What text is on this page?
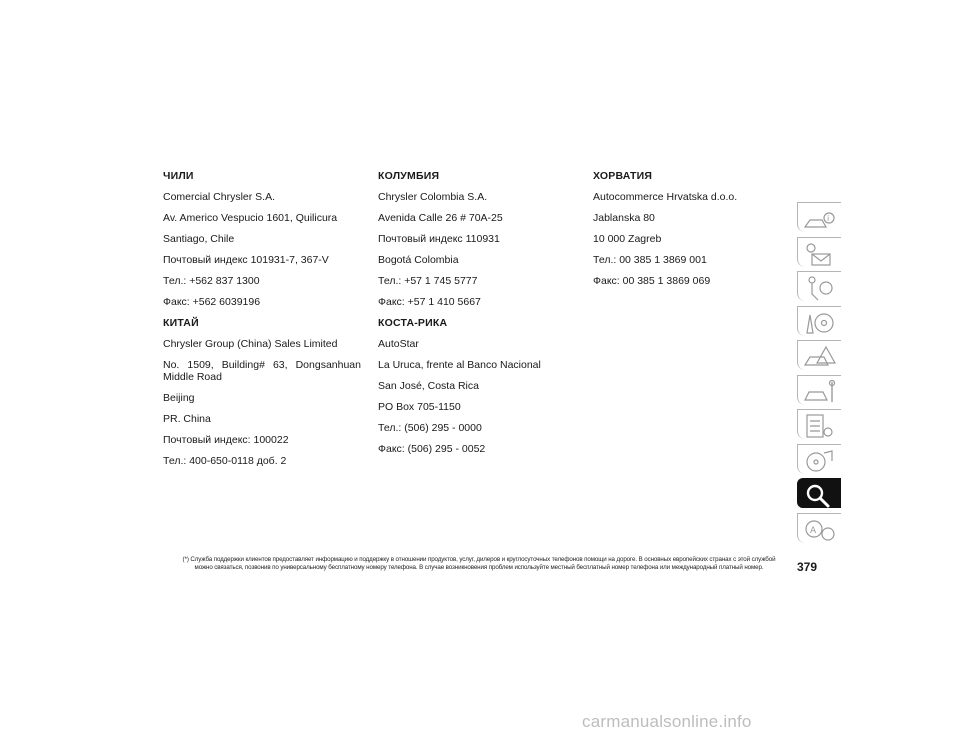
ЧИЛИ
Comercial Chrysler S.A.
Av. Americo Vespucio 1601, Quilicura
Santiago, Chile
Почтовый индекс 101931-7, 367-V
Тел.: +562 837 1300
Факс: +562 6039196
КИТАЙ
Chrysler Group (China) Sales Limited
No. 1509, Building# 63, Dongsanhuan Middle Road
Beijing
PR. China
Почтовый индекс: 100022
Тел.: 400-650-0118 доб. 2
КОЛУМБИЯ
Chrysler Colombia S.A.
Avenida Calle 26 # 70A-25
Почтовый индекс 110931
Bogotá Colombia
Тел.: +57 1 745 5777
Факс: +57 1 410 5667
КОСТА-РИКА
AutoStar
La Uruca, frente al Banco Nacional
San José, Costa Rica
PO Box 705-1150
Тел.: (506) 295 - 0000
Факс: (506) 295 - 0052
ХОРВАТИЯ
Autocommerce Hrvatska d.o.o.
Jablanska 80
10 000 Zagreb
Тел.: 00 385 1 3869 001
Факс: 00 385 1 3869 069
i
A
(*) Служба поддержки клиентов предоставляет информацию и поддержку в отношении продуктов, услуг, дилеров и круглосуточных телефонов помощи на дороге. В основных европейских странах с этой службой можно связаться, позвонив по универсальному бесплатному номеру телефона. В случае возникновения проблем используйте местный бесплатный номер телефона или международный платный номер.	379
carmanualsonline.info
